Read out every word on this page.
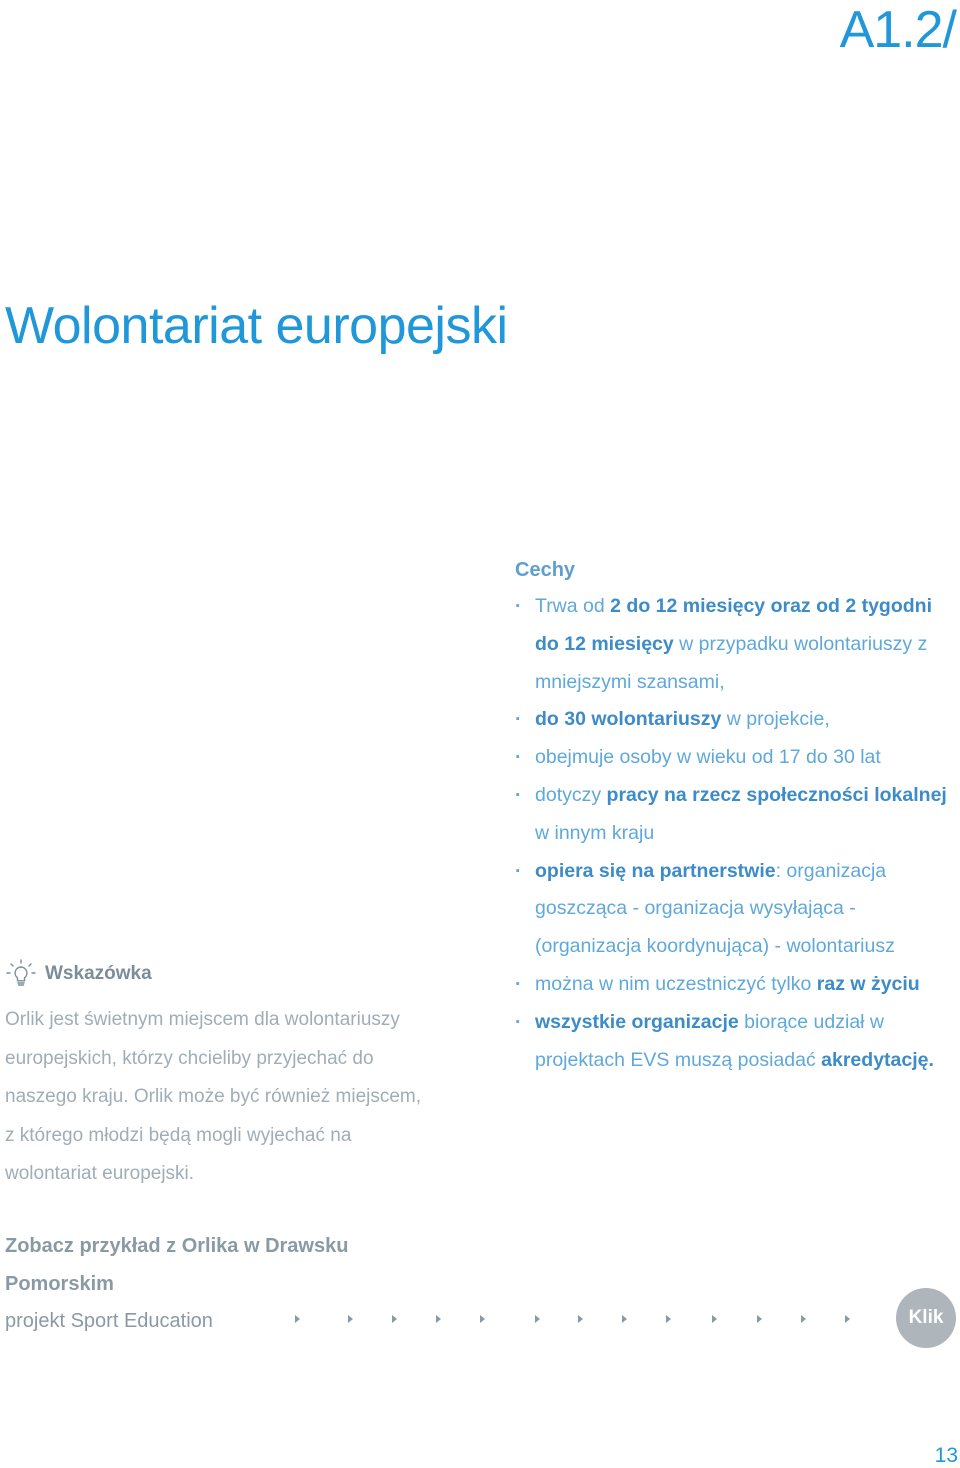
A1.2/
Wolontariat europejski
Cechy
· Trwa od 2 do 12 miesięcy oraz od 2 tygodni do 12 miesięcy w przypadku wolontariuszy z mniejszymi szansami,
· do 30 wolontariuszy w projekcie,
· obejmuje osoby w wieku od 17 do 30 lat
· dotyczy pracy na rzecz społeczności lokalnej w innym kraju
· opiera się na partnerstwie: organizacja goszcząca - organizacja wysyłająca - (organizacja koordynująca) - wolontariusz
· można w nim uczestniczyć tylko raz w życiu
· wszystkie organizacje biorące udział w projektach EVS muszą posiadać akredytację.
Wskazówka
Orlik jest świetnym miejscem dla wolontariuszy europejskich, którzy chcieliby przyjechać do naszego kraju. Orlik może być również miejscem, z którego młodzi będą mogli wyjechać na wolontariat europejski.
Zobacz przykład z Orlika w Drawsku Pomorskim
projekt Sport Education	Klik
13
